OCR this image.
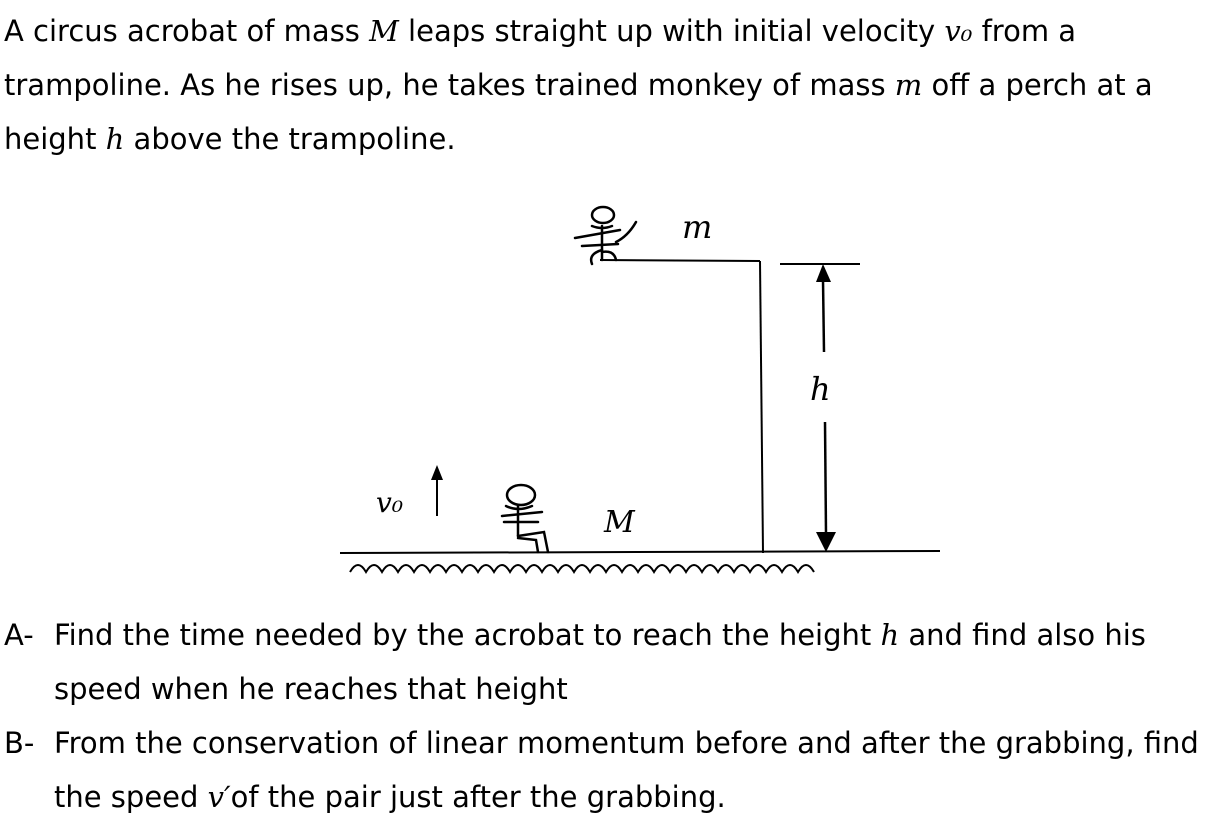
A circus acrobat of mass M leaps straight up with initial velocity v₀ from a trampoline. As he rises up, he takes trained monkey of mass m off a perch at a height h above the trampoline.

m
h
M
v₀
A- Find the time needed by the acrobat to reach the height h and find also his speed when he reaches that height
B- From the conservation of linear momentum before and after the grabbing, find the speed v′of the pair just after the grabbing.
